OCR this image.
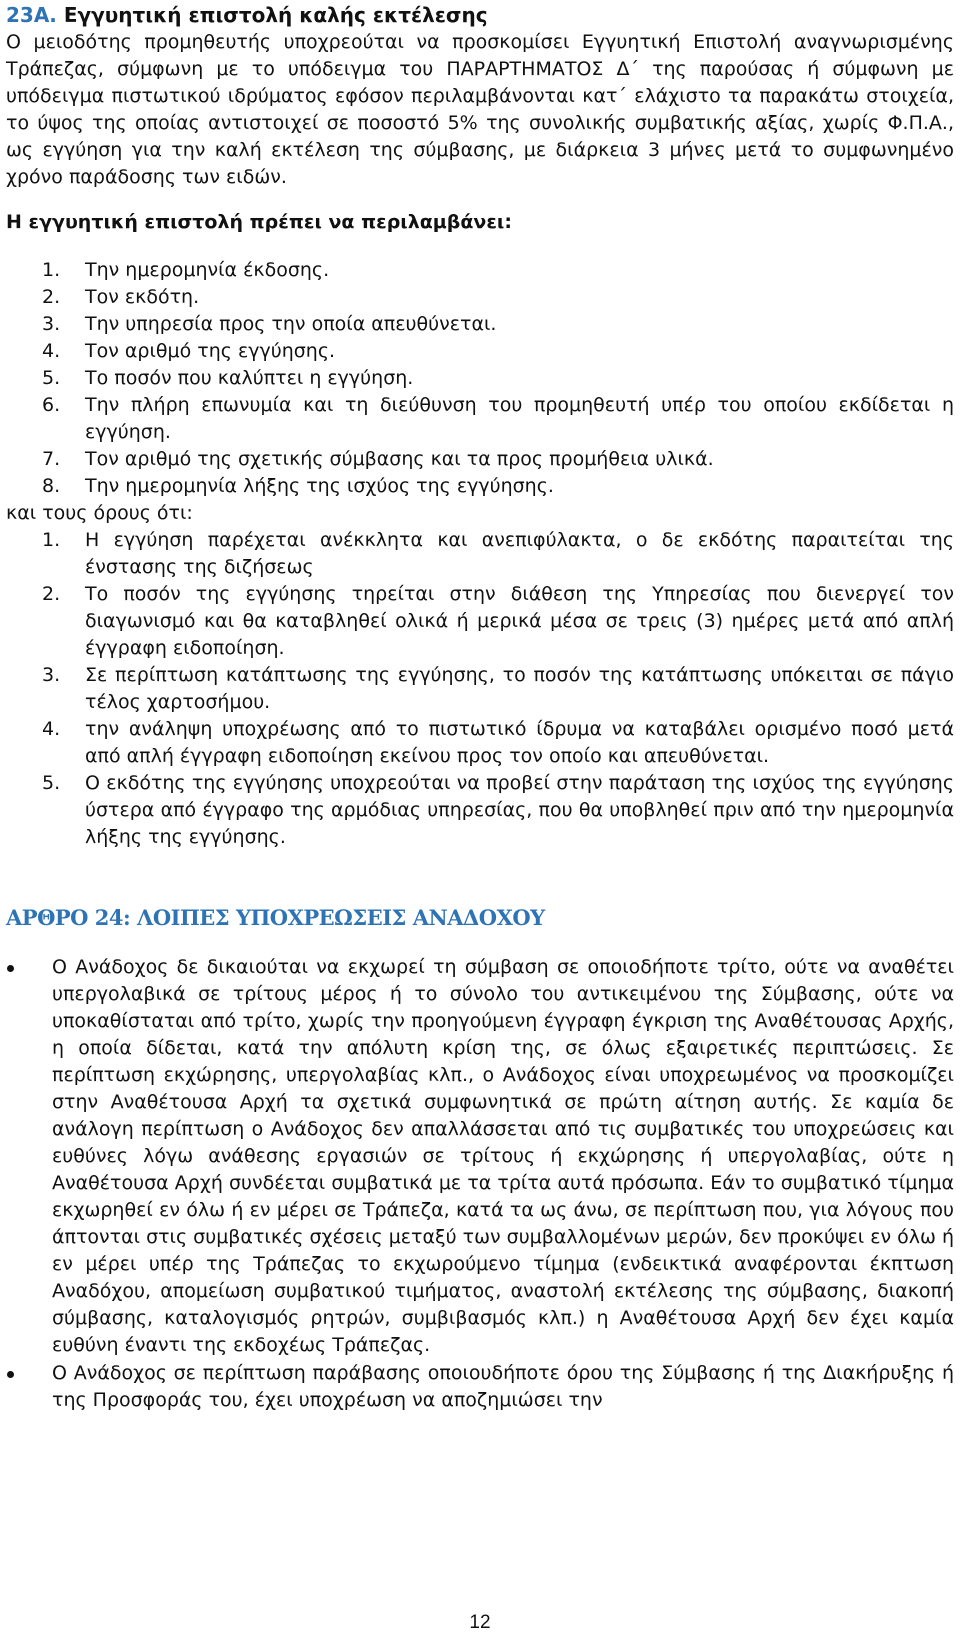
23Α. Εγγυητική επιστολή καλής εκτέλεσης

Ο μειοδότης προμηθευτής υποχρεούται να προσκομίσει Εγγυητική Επιστολή αναγνωρισμένης Τράπεζας, σύμφωνη με το υπόδειγμα του ΠΑΡΑΡΤΗΜΑΤΟΣ Δ΄ της παρούσας ή σύμφωνη με υπόδειγμα πιστωτικού ιδρύματος εφόσον περιλαμβάνονται κατ΄ ελάχιστο τα παρακάτω στοιχεία, το ύψος της οποίας αντιστοιχεί σε ποσοστό 5% της συνολικής συμβατικής αξίας, χωρίς Φ.Π.Α., ως εγγύηση για την καλή εκτέλεση της σύμβασης, με διάρκεια 3 μήνες μετά το συμφωνημένο χρόνο παράδοσης των ειδών.

Η εγγυητική επιστολή πρέπει να περιλαμβάνει:

1.	Την ημερομηνία έκδοσης.
2.	Τον εκδότη.
3.	Την υπηρεσία προς την οποία απευθύνεται.
4.	Τον αριθμό της εγγύησης.
5.	Το ποσόν που καλύπτει η εγγύηση.
6.	Την πλήρη επωνυμία και τη διεύθυνση του προμηθευτή υπέρ του οποίου εκδίδεται η εγγύηση.
7.	Τον αριθμό της σχετικής σύμβασης και τα προς προμήθεια υλικά.
8.	Την ημερομηνία λήξης της ισχύος της εγγύησης.

και τους όρους ότι:

1.	Η εγγύηση παρέχεται ανέκκλητα και ανεπιφύλακτα, ο δε εκδότης παραιτείται της ένστασης της διζήσεως
2.	Το ποσόν της εγγύησης τηρείται στην διάθεση της Υπηρεσίας που διενεργεί τον διαγωνισμό και θα καταβληθεί ολικά ή μερικά μέσα σε τρεις (3) ημέρες μετά από απλή έγγραφη ειδοποίηση.
3.	Σε περίπτωση κατάπτωσης της εγγύησης, το ποσόν της κατάπτωσης υπόκειται σε πάγιο τέλος χαρτοσήμου.
4.	την ανάληψη υποχρέωσης από το πιστωτικό ίδρυμα να καταβάλει ορισμένο ποσό μετά από απλή έγγραφη ειδοποίηση εκείνου προς τον οποίο και απευθύνεται.
5.	Ο εκδότης της εγγύησης υποχρεούται να προβεί στην παράταση της ισχύος της εγγύησης ύστερα από έγγραφο της αρμόδιας υπηρεσίας, που θα υποβληθεί πριν από την ημερομηνία λήξης της εγγύησης.
ΑΡΘΡΟ 24: ΛΟΙΠΕΣ ΥΠΟΧΡΕΩΣΕΙΣ ΑΝΑΔΟΧΟΥ
Ο Ανάδοχος δε δικαιούται να εκχωρεί τη σύμβαση σε οποιοδήποτε τρίτο, ούτε να αναθέτει υπεργολαβικά σε τρίτους μέρος ή το σύνολο του αντικειμένου της Σύμβασης, ούτε να υποκαθίσταται από τρίτο, χωρίς την προηγούμενη έγγραφη έγκριση της Αναθέτουσας Αρχής, η οποία δίδεται, κατά την απόλυτη κρίση της, σε όλως εξαιρετικές περιπτώσεις. Σε περίπτωση εκχώρησης, υπεργολαβίας κλπ., ο Ανάδοχος είναι υποχρεωμένος να προσκομίζει στην Αναθέτουσα Αρχή τα σχετικά συμφωνητικά σε πρώτη αίτηση αυτής. Σε καμία δε ανάλογη περίπτωση ο Ανάδοχος δεν απαλλάσσεται από τις συμβατικές του υποχρεώσεις και ευθύνες λόγω ανάθεσης εργασιών σε τρίτους ή εκχώρησης ή υπεργολαβίας, ούτε η Αναθέτουσα Αρχή συνδέεται συμβατικά με τα τρίτα αυτά πρόσωπα. Εάν το συμβατικό τίμημα εκχωρηθεί εν όλω ή εν μέρει σε Τράπεζα, κατά τα ως άνω, σε περίπτωση που, για λόγους που άπτονται στις συμβατικές σχέσεις μεταξύ των συμβαλλομένων μερών, δεν προκύψει εν όλω ή εν μέρει υπέρ της Τράπεζας το εκχωρούμενο τίμημα (ενδεικτικά αναφέρονται έκπτωση Αναδόχου, απομείωση συμβατικού τιμήματος, αναστολή εκτέλεσης της σύμβασης, διακοπή σύμβασης, καταλογισμός ρητρών, συμβιβασμός κλπ.) η Αναθέτουσα Αρχή δεν έχει καμία ευθύνη έναντι της εκδοχέως Τράπεζας.
Ο Ανάδοχος σε περίπτωση παράβασης οποιουδήποτε όρου της Σύμβασης ή της Διακήρυξης ή της Προσφοράς του, έχει υποχρέωση να αποζημιώσει την
12
